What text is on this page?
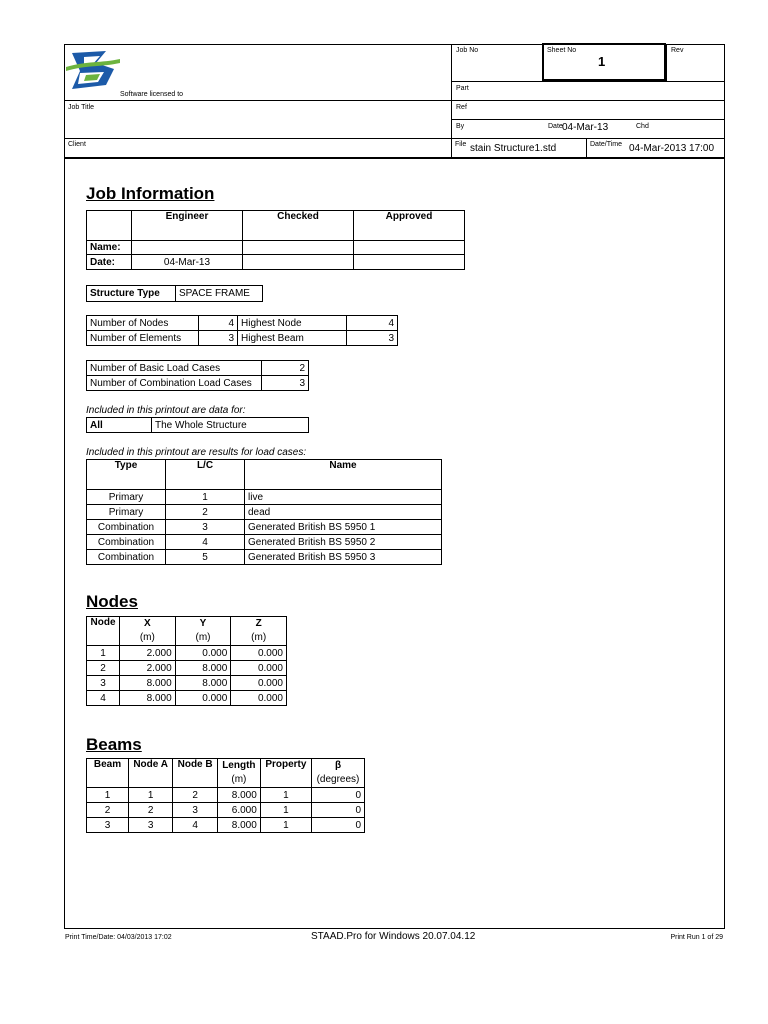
Software licensed to
Job Title
Client
Job No	Sheet No
1
Rev
Part
Ref
By	Date 04-Mar-13	Chd
File stain Structure1.std	Date/Time 04-Mar-2013 17:00
Job Information
	Engineer	Checked	Approved
Name:			
Date:	04-Mar-13		
Structure Type	SPACE FRAME
Number of Nodes	4	Highest Node	4
Number of Elements	3	Highest Beam	3
Number of Basic Load Cases	2
Number of Combination Load Cases	3
Included in this printout are data for:
All	The Whole Structure
Included in this printout are results for load cases:
Type	L/C	Name
Primary	1	live
Primary	2	dead
Combination	3	Generated British BS 5950 1
Combination	4	Generated British BS 5950 2
Combination	5	Generated British BS 5950 3
Nodes
Node	X	Y	Z
	(m)	(m)	(m)
1	2.000	0.000	0.000
2	2.000	8.000	0.000
3	8.000	8.000	0.000
4	8.000	0.000	0.000
Beams
Beam	Node A	Node B	Length	Property	β
			(m)		(degrees)
1	1	2	8.000	1	0
2	2	3	6.000	1	0
3	3	4	8.000	1	0
Print Time/Date: 04/03/2013 17:02	STAAD.Pro for Windows 20.07.04.12	Print Run 1 of 29
